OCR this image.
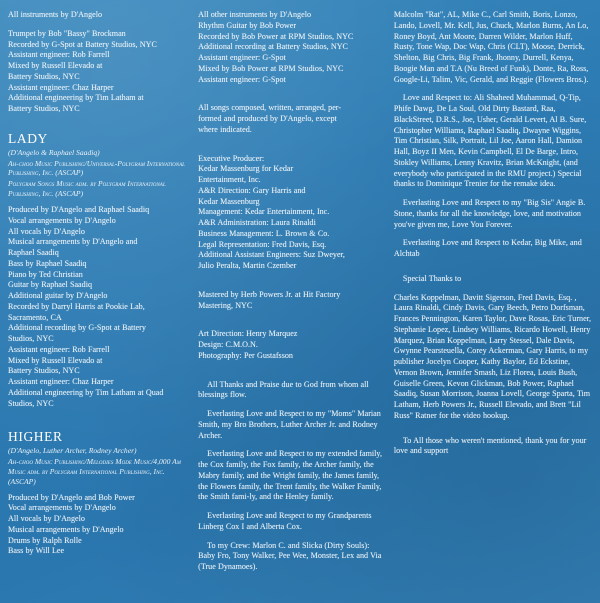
All instruments by D'Angelo

Trumpet by Bob "Bassy" Brockman

Recorded by G-Spot at Battery Studios, NYC

Assistant engineer: Rob Farrell

Mixed by Russell Elevado at

Battery Studios, NYC

Assistant engineer: Chaz Harper

Additional engineering by Tim Latham at

Battery Studios, NYC

LADY
(D'Angelo & Raphael Saadiq)
Ah-choo Music Publishing/Universal-Polygram International Publishing, Inc. (ASCAP)
Polygram Songs Music adm. by Polygram International Publishing, Inc. (ASCAP)

Produced by D'Angelo and Raphael Saadiq

Vocal arrangements by D'Angelo

All vocals by D'Angelo

Musical arrangements by D'Angelo and

Raphael Saadiq

Bass by Raphael Saadiq

Piano by Ted Christian

Guitar by Raphael Saadiq

Additional guitar by D'Angelo

Recorded by Darryl Harris at Pookie Lab,

Sacramento, CA

Additional recording by G-Spot at Battery

Studios, NYC

Assistant engineer: Rob Farrell

Mixed by Russell Elevado at

Battery Studios, NYC

Assistant engineer: Chaz Harper

Additional engineering by Tim Latham at Quad

Studios, NYC

HIGHER
(D'Angelo, Luther Archer, Rodney Archer)
Ah-choo Music Publishing/Melodies Mode Music/4,000 Am Music adm. by Polygram International Publishing, Inc. (ASCAP)

Produced by D'Angelo and Bob Power

Vocal arrangements by D'Angelo

All vocals by D'Angelo

Musical arrangements by D'Angelo

Drums by Ralph Rolle

Bass by Will Lee

All other instruments by D'Angelo

Rhythm Guitar by Bob Power

Recorded by Bob Power at RPM Studios, NYC

Additional recording at Battery Studios, NYC

Assistant engineer: G-Spot

Mixed by Bob Power at RPM Studios, NYC

Assistant engineer: G-Spot

All songs composed, written, arranged, per-

formed and produced by D'Angelo, except

where indicated.

Executive Producer:

Kedar Massenburg for Kedar

Entertainment, Inc.

A&R Direction: Gary Harris and

Kedar Massenburg

Management: Kedar Entertainment, Inc.

A&R Administration: Laura Rinaldi

Business Management: L. Brown & Co.

Legal Representation: Fred Davis, Esq.

Additional Assistant Engineers: Suz Dweyer,

Julio Peralta, Martin Czember

Mastered by Herb Powers Jr. at Hit Factory

Mastering, NYC

Art Direction: Henry Marquez

Design: C.M.O.N.

Photography: Per Gustafsson

All Thanks and Praise due to God from whom all blessings flow.

Everlasting Love and Respect to my "Moms" Marian Smith, my Bro Brothers, Luther Archer Jr. and Rodney Archer.

Everlasting Love and Respect to my extended family, the Cox family, the Fox family, the Archer family, the Mabry family, and the Wright family, the James family, the Flowers family, the Trent family, the Walker Family, the Smith fami-ly, and the Henley family.

Everlasting Love and Respect to my Grandparents Linberg Cox I and Alberta Cox.

To my Crew: Marlon C. and Slicka (Dirty Souls): Baby Fro, Tony Walker, Pee Wee, Monster, Lex and Via (True Dynamoes).

Malcolm "Rat", AL, Mike C., Carl Smith, Boris, Lonzo, Lando, Lovell, Mr. Kell, Jus, Chuck, Marlon Burns, An Lo, Roney Boyd, Ant Moore, Darren Wilder, Marlon Huff, Rusty, Tone Wap, Doc Wap, Chris (CLT), Moose, Derrick, Shelton, Big Chris, Big Frank, Jhonny, Durrell, Kenya, Boogie Man and T.A (Nu Breed of Funk), Donte, Ra, Ross, Google-Li, Talim, Vic, Gerald, and Reggie (Flowers Bros.).

Love and Respect to: Ali Shaheed Muhammad, Q-Tip, Phife Dawg, De La Soul, Old Dirty Bastard, Raa, BlackStreet, D.R.S., Joe, Usher, Gerald Levert, Al B. Sure, Christopher Williams, Raphael Saadiq, Dwayne Wiggins, Tim Christian, Silk, Portrait, Lil Joe, Aaron Hall, Damion Hall, Boyz II Men, Kevin Campbell, El De Barge, Intro, Stokley Williams, Lenny Kravitz, Brian McKnight, (and everybody who participated in the RMU project.) Special thanks to Dominique Trenier for the remake idea.

Everlasting Love and Respect to my "Big Sis" Angie B. Stone, thanks for all the knowledge, love, and motivation you've given me, Love You Forever.

Everlasting Love and Respect to Kedar, Big Mike, and Alchtab

Special Thanks to

Charles Koppelman, Davitt Sigerson, Fred Davis, Esq. , Laura Rinaldi, Cindy Davis, Gary Beech, Petro Dorfsman, Frances Pennington, Karen Taylor, Dave Rosas, Eric Turner, Stephanie Lopez, Lindsey Williams, Ricardo Howell, Henry Marquez, Brian Koppelman, Larry Stessel, Dale Davis, Gwynne Pearsteuella, Corey Ackerman, Gary Harris, to my publisher Jocelyn Cooper, Kathy Baylor, Ed Eckstine, Vernon Brown, Jennifer Smash, Liz Florea, Louis Bush, Guiselle Green, Kevon Glickman, Bob Power, Raphael Saadiq, Susan Morrison, Joanna Lovell, George Sparta, Tim Latham, Herb Powers Jr., Russell Elevado, and Brett "Lil Russ" Ratner for the video hookup.

To All those who weren't mentioned, thank you for your love and support
